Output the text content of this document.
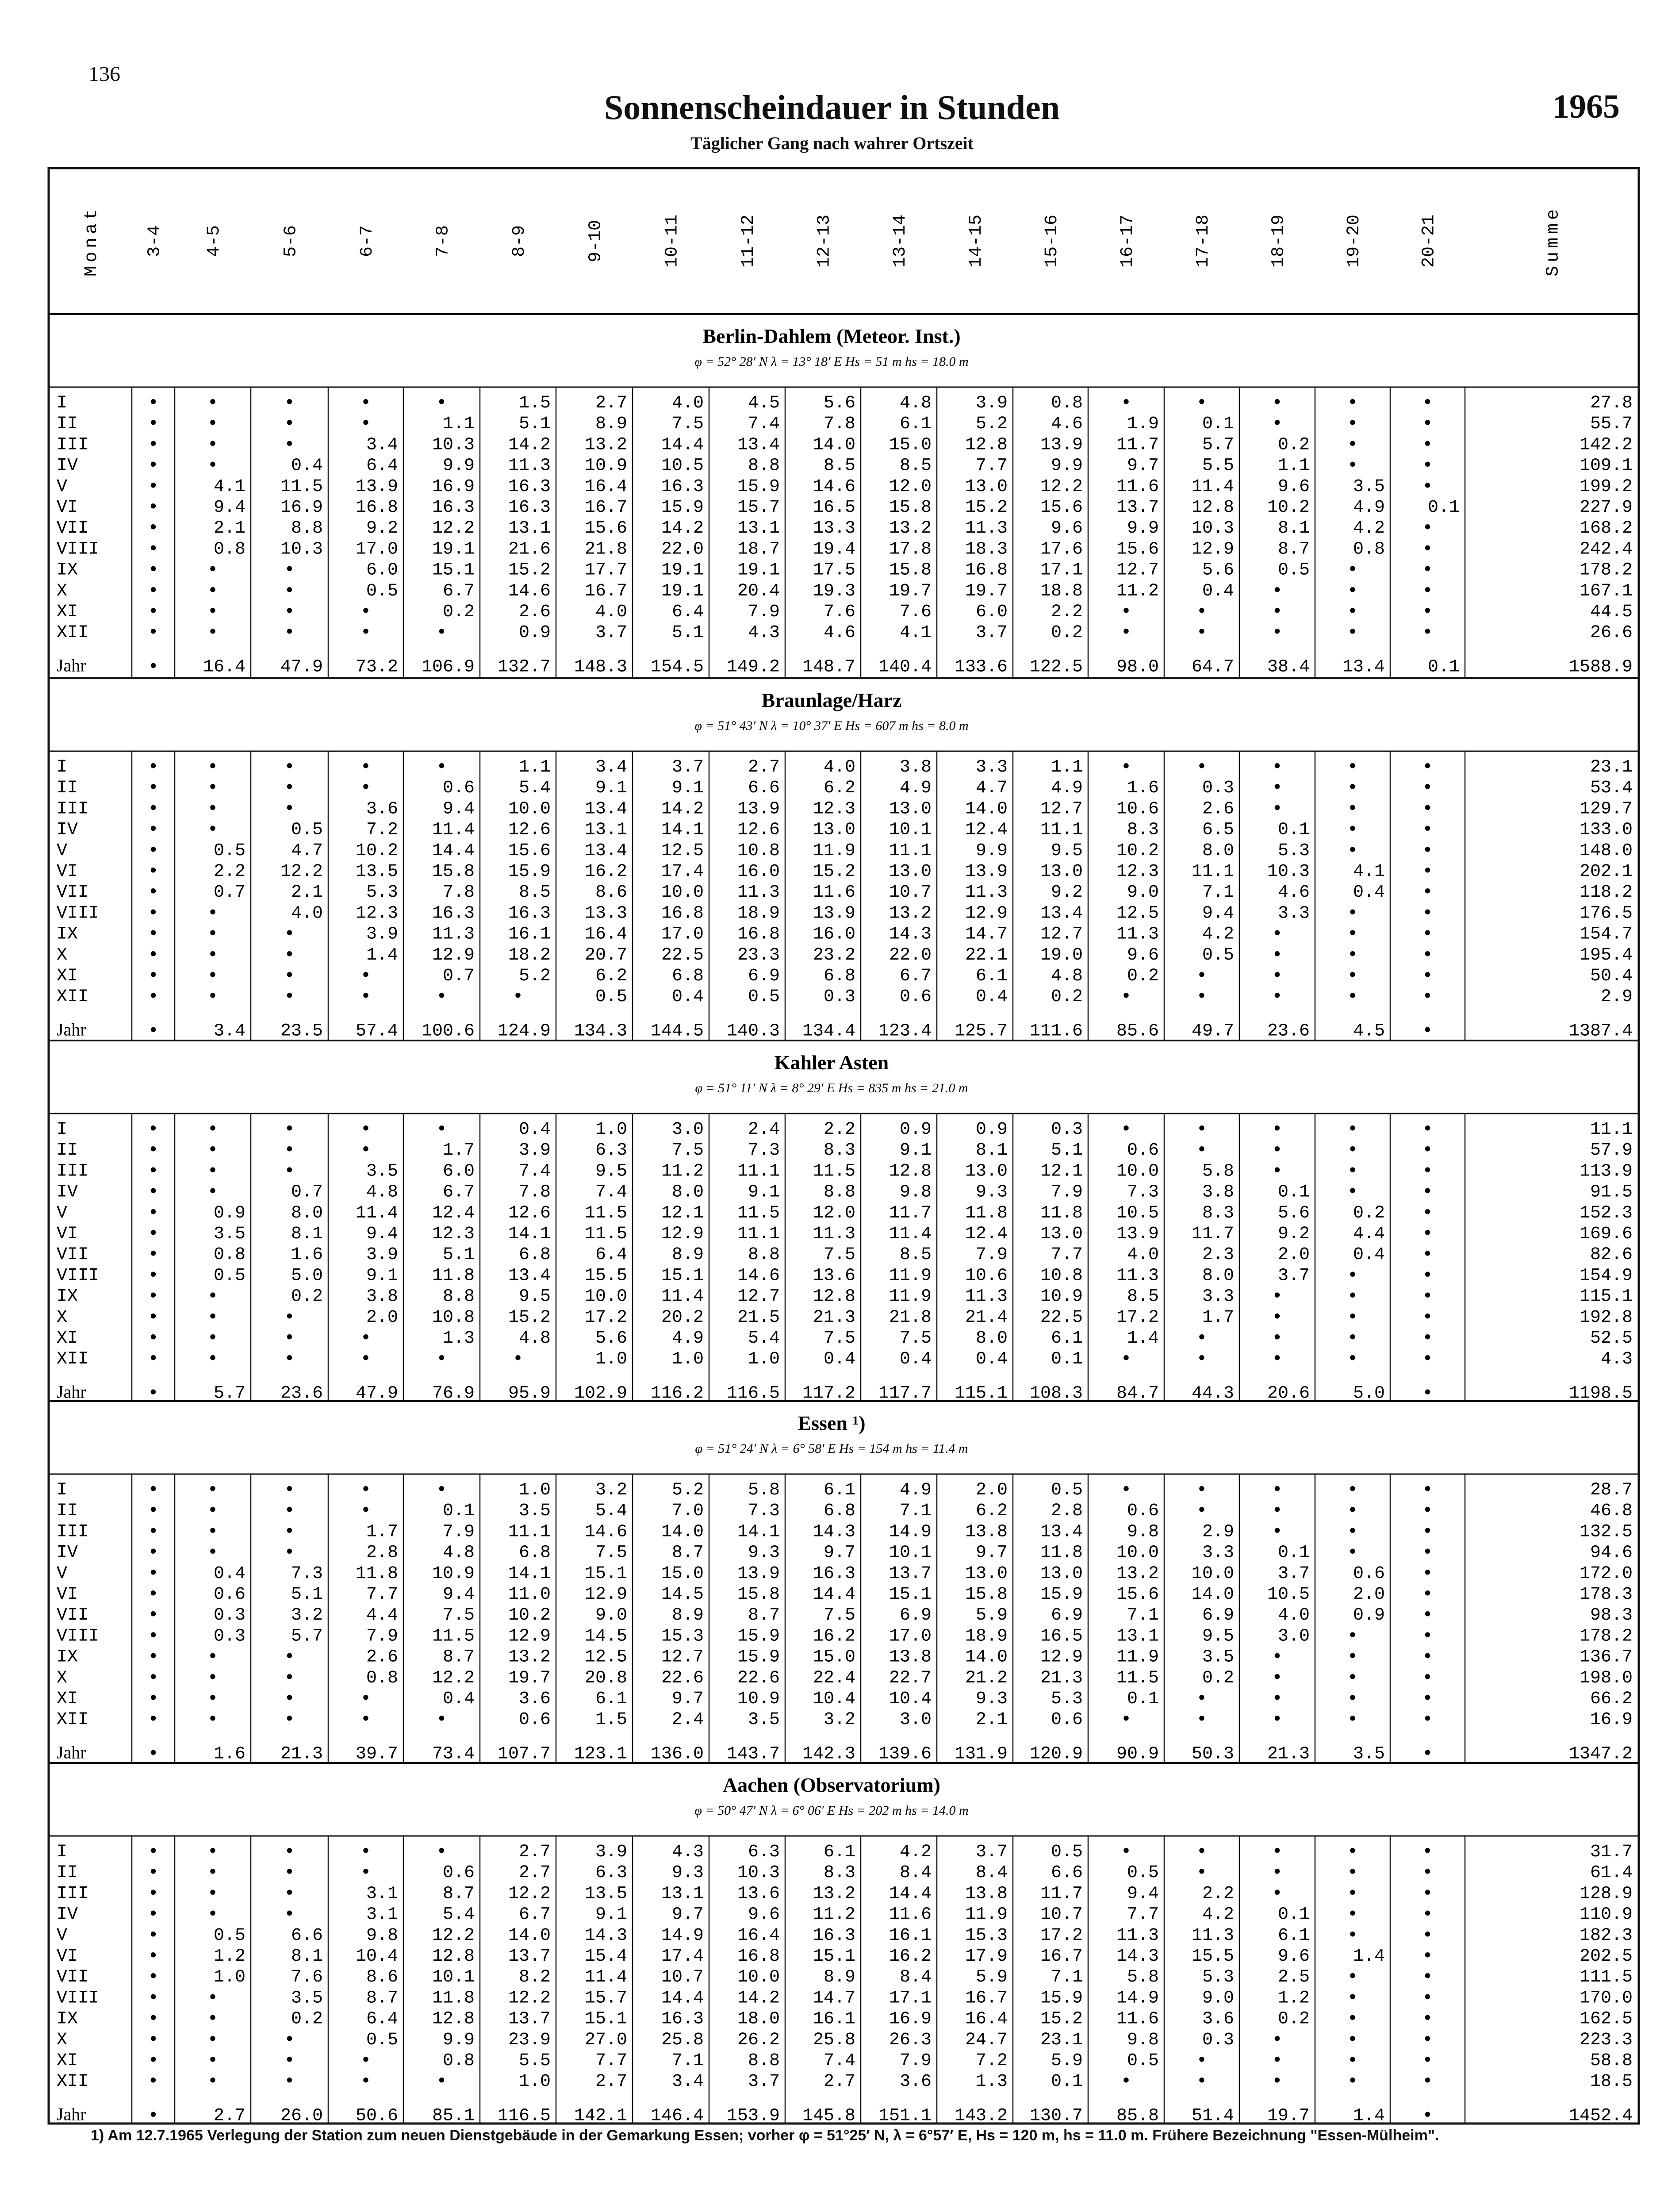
136
Sonnenscheindauer in Stunden	1965
Täglicher Gang nach wahrer Ortszeit
Monat 3-4 4-5	5-6	6-7	7-8	8-9	9-10	10-11	11-12	12-13	13-14	14-15	15-16	16-17	17-18	18-19	19-20	20-21	Summe
Berlin-Dahlem (Meteor. Inst.)
φ = 52° 28′ N λ = 13° 18′ E Hs = 51 m hs = 18.0 m
I	•	•	•	•	•	1.5	2.7	4.0 4.5 5.6 4.8 3.9 0.8 •	•	•	•	•	27.8
II	•	•	•	•	1.1 5.1	8.9	7.5 7.4 7.8 6.1 5.2 4.6 1.9 0.1 •	•	•	55.7
III	•	•	•	3.4 10.3 14.2 13.2 14.4 13.4 14.0 15.0 12.8 13.9 11.7 5.7 0.2 •	•	142.2
IV	•	•	0.4 6.4	9.9 11.3 10.9 10.5 8.8 8.5 8.5 7.7 9.9 9.7 5.5 1.1 •	•	109.1
V	•	4.1 11.5 13.9 16.9 16.3 16.4 16.3 15.9 14.6 12.0 13.0 12.2 11.6 11.4 9.6 3.5 •	199.2
VI	•	9.4 16.9 16.8 16.3 16.3 16.7 15.9 15.7 16.5 15.8 15.2 15.6 13.7 12.8 10.2 4.9 0.1	227.9
VII	•	2.1	8.8 9.2 12.2 13.1 15.6 14.2 13.1 13.3 13.2 11.3 9.6 9.9 10.3 8.1 4.2 •	168.2
VIII	•	0.8 10.3 17.0 19.1 21.6 21.8 22.0 18.7 19.4 17.8 18.3 17.6 15.6 12.9 8.7 0.8 •	242.4
IX	•	•	•	6.0 15.1 15.2 17.7 19.1 19.1 17.5 15.8 16.8 17.1 12.7 5.6 0.5 •	•	178.2
X	•	•	•	0.5	6.7 14.6 16.7 19.1 20.4 19.3 19.7 19.7 18.8 11.2 0.4 •	•	•	167.1
XI	•	•	•	•	0.2 2.6	4.0	6.4 7.9 7.6 7.6 6.0 2.2 •	•	•	•	•	44.5
XII	•	•	•	•	•	0.9	3.7	5.1 4.3 4.6 4.1 3.7 0.2 •	•	•	•	•	26.6
Jahr	•	16.4 47.9 73.2 106.9 132.7 148.3 154.5 149.2 148.7 140.4 133.6 122.5 98.0 64.7 38.4 13.4 0.1	1588.9
Braunlage/Harz
φ = 51° 43′ N λ = 10° 37′ E Hs = 607 m hs = 8.0 m
I	•	•	•	•	•	1.1	3.4	3.7 2.7 4.0 3.8 3.3 1.1 •	•	•	•	•	23.1
II	•	•	•	•	0.6 5.4	9.1	9.1 6.6 6.2 4.9 4.7 4.9 1.6 0.3 •	•	•	53.4
III	•	•	•	3.6	9.4 10.0 13.4 14.2 13.9 12.3 13.0 14.0 12.7 10.6 2.6 •	•	•	129.7
IV	•	•	0.5 7.2 11.4 12.6 13.1 14.1 12.6 13.0 10.1 12.4 11.1 8.3 6.5 0.1 •	•	133.0
V	•	0.5	4.7 10.2 14.4 15.6 13.4 12.5 10.8 11.9 11.1 9.9 9.5 10.2 8.0 5.3 •	•	148.0
VI	•	2.2 12.2 13.5 15.8 15.9 16.2 17.4 16.0 15.2 13.0 13.9 13.0 12.3 11.1 10.3 4.1 •	202.1
VII	•	0.7	2.1 5.3	7.8 8.5	8.6 10.0 11.3 11.6 10.7 11.3 9.2 9.0 7.1 4.6 0.4 •	118.2
VIII	•	•	4.0 12.3 16.3 16.3 13.3 16.8 18.9 13.9 13.2 12.9 13.4 12.5 9.4 3.3 •	•	176.5
IX	•	•	•	3.9 11.3 16.1 16.4 17.0 16.8 16.0 14.3 14.7 12.7 11.3 4.2 •	•	•	154.7
X	•	•	•	1.4 12.9 18.2 20.7 22.5 23.3 23.2 22.0 22.1 19.0 9.6 0.5 •	•	•	195.4
XI	•	•	•	•	0.7 5.2	6.2	6.8 6.9 6.8 6.7 6.1 4.8 0.2 •	•	•	•	50.4
XII	•	•	•	•	•	•	0.5	0.4 0.5 0.3 0.6 0.4 0.2 •	•	•	•	•	2.9
Jahr	•	3.4 23.5 57.4 100.6 124.9 134.3 144.5 140.3 134.4 123.4 125.7 111.6 85.6 49.7 23.6 4.5 •	1387.4
Kahler Asten
φ = 51° 11′ N λ = 8° 29′ E Hs = 835 m hs = 21.0 m
I	•	•	•	•	•	0.4	1.0	3.0 2.4 2.2 0.9 0.9 0.3 •	•	•	•	•	11.1
II	•	•	•	•	1.7 3.9	6.3	7.5 7.3 8.3 9.1 8.1 5.1 0.6 •	•	•	•	57.9
III	•	•	•	3.5	6.0 7.4	9.5 11.2 11.1 11.5 12.8 13.0 12.1 10.0 5.8 •	•	•	113.9
IV	•	•	0.7 4.8	6.7 7.8	7.4	8.0 9.1 8.8 9.8 9.3 7.9 7.3 3.8 0.1 •	•	91.5
V	•	0.9	8.0 11.4 12.4 12.6 11.5 12.1 11.5 12.0 11.7 11.8 11.8 10.5 8.3 5.6 0.2 •	152.3
VI	•	3.5	8.1 9.4 12.3 14.1 11.5 12.9 11.1 11.3 11.4 12.4 13.0 13.9 11.7 9.2 4.4 •	169.6
VII	•	0.8	1.6 3.9	5.1 6.8	6.4	8.9 8.8 7.5 8.5 7.9 7.7 4.0 2.3 2.0 0.4 •	82.6
VIII	•	0.5	5.0 9.1 11.8 13.4 15.5 15.1 14.6 13.6 11.9 10.6 10.8 11.3 8.0 3.7 •	•	154.9
IX	•	•	0.2 3.8	8.8 9.5 10.0 11.4 12.7 12.8 11.9 11.3 10.9 8.5 3.3 •	•	•	115.1
X	•	•	•	2.0 10.8 15.2 17.2 20.2 21.5 21.3 21.8 21.4 22.5 17.2 1.7 •	•	•	192.8
XI	•	•	•	•	1.3 4.8	5.6	4.9 5.4 7.5 7.5 8.0 6.1 1.4 •	•	•	•	52.5
XII	•	•	•	•	•	•	1.0	1.0 1.0 0.4 0.4 0.4 0.1 •	•	•	•	•	4.3
Jahr	•	5.7 23.6 47.9 76.9 95.9 102.9 116.2 116.5 117.2 117.7 115.1 108.3 84.7 44.3 20.6 5.0 •	1198.5
Essen ¹)
φ = 51° 24′ N λ = 6° 58′ E Hs = 154 m hs = 11.4 m
I	•	•	•	•	•	1.0	3.2	5.2 5.8 6.1 4.9 2.0 0.5 •	•	•	•	•	28.7
II	•	•	•	•	0.1 3.5	5.4	7.0 7.3 6.8 7.1 6.2 2.8 0.6 •	•	•	•	46.8
III	•	•	•	1.7	7.9 11.1 14.6 14.0 14.1 14.3 14.9 13.8 13.4 9.8 2.9 •	•	•	132.5
IV	•	•	•	2.8	4.8 6.8	7.5	8.7 9.3 9.7 10.1 9.7 11.8 10.0 3.3 0.1 •	•	94.6
V	•	0.4	7.3 11.8 10.9 14.1 15.1 15.0 13.9 16.3 13.7 13.0 13.0 13.2 10.0 3.7 0.6 •	172.0
VI	•	0.6	5.1 7.7	9.4 11.0 12.9 14.5 15.8 14.4 15.1 15.8 15.9 15.6 14.0 10.5 2.0 •	178.3
VII	•	0.3	3.2 4.4	7.5 10.2	9.0	8.9 8.7 7.5 6.9 5.9 6.9 7.1 6.9 4.0 0.9 •	98.3
VIII	•	0.3	5.7 7.9 11.5 12.9 14.5 15.3 15.9 16.2 17.0 18.9 16.5 13.1 9.5 3.0 •	•	178.2
IX	•	•	•	2.6	8.7 13.2 12.5 12.7 15.9 15.0 13.8 14.0 12.9 11.9 3.5 •	•	•	136.7
X	•	•	•	0.8 12.2 19.7 20.8 22.6 22.6 22.4 22.7 21.2 21.3 11.5 0.2 •	•	•	198.0
XI	•	•	•	•	0.4 3.6	6.1	9.7 10.9 10.4 10.4 9.3 5.3 0.1 •	•	•	•	66.2
XII	•	•	•	•	•	0.6	1.5	2.4 3.5 3.2 3.0 2.1 0.6 •	•	•	•	•	16.9
Jahr	•	1.6 21.3 39.7 73.4 107.7 123.1 136.0 143.7 142.3 139.6 131.9 120.9 90.9 50.3 21.3 3.5 •	1347.2
Aachen (Observatorium)
φ = 50° 47′ N λ = 6° 06′ E Hs = 202 m hs = 14.0 m
I	•	•	•	•	•	2.7	3.9	4.3 6.3 6.1 4.2 3.7 0.5 •	•	•	•	•	31.7
II	•	•	•	•	0.6 2.7	6.3	9.3 10.3 8.3 8.4 8.4 6.6 0.5 •	•	•	•	61.4
III	•	•	•	3.1	8.7 12.2 13.5 13.1 13.6 13.2 14.4 13.8 11.7 9.4 2.2 •	•	•	128.9
IV	•	•	•	3.1	5.4 6.7	9.1	9.7 9.6 11.2 11.6 11.9 10.7 7.7 4.2 0.1 •	•	110.9
V	•	0.5	6.6 9.8 12.2 14.0 14.3 14.9 16.4 16.3 16.1 15.3 17.2 11.3 11.3 6.1 •	•	182.3
VI	•	1.2	8.1 10.4 12.8 13.7 15.4 17.4 16.8 15.1 16.2 17.9 16.7 14.3 15.5 9.6 1.4 •	202.5
VII	•	1.0	7.6 8.6 10.1 8.2 11.4 10.7 10.0 8.9 8.4 5.9 7.1 5.8 5.3 2.5 •	•	111.5
VIII	•	•	3.5 8.7 11.8 12.2 15.7 14.4 14.2 14.7 17.1 16.7 15.9 14.9 9.0 1.2 •	•	170.0
IX	•	•	0.2 6.4 12.8 13.7 15.1 16.3 18.0 16.1 16.9 16.4 15.2 11.6 3.6 0.2 •	•	162.5
X	•	•	•	0.5	9.9 23.9 27.0 25.8 26.2 25.8 26.3 24.7 23.1 9.8 0.3 •	•	•	223.3
XI	•	•	•	•	0.8 5.5	7.7	7.1 8.8 7.4 7.9 7.2 5.9 0.5 •	•	•	•	58.8
XII	•	•	•	•	•	1.0	2.7	3.4 3.7 2.7 3.6 1.3 0.1 •	•	•	•	•	18.5
Jahr	•	2.7 26.0 50.6 85.1 116.5 142.1 146.4 153.9 145.8 151.1 143.2 130.7 85.8 51.4 19.7 1.4 •	1452.4
1) Am 12.7.1965 Verlegung der Station zum neuen Dienstgebäude in der Gemarkung Essen; vorher φ = 51°25′ N, λ = 6°57′ E, Hs = 120 m, hs = 11.0 m. Frühere Bezeichnung "Essen-Mülheim".
